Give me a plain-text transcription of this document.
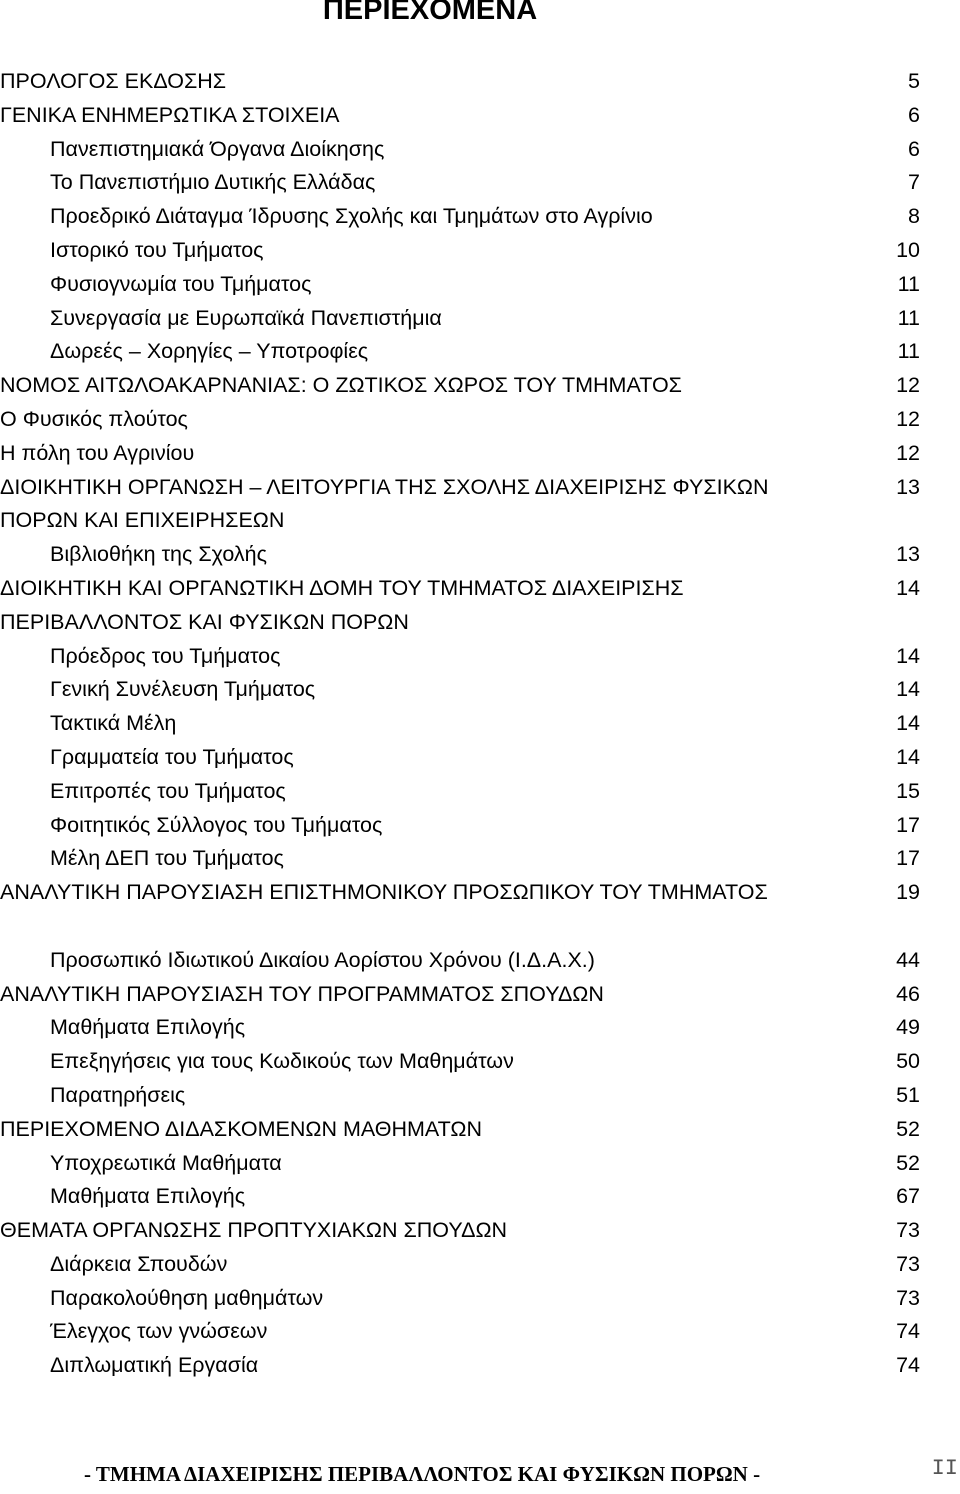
ΠΕΡΙΕΧΟΜΕΝΑ
ΠΡΟΛΟΓΟΣ ΕΚΔΟΣΗΣ	5
ΓΕΝΙΚΑ ΕΝΗΜΕΡΩΤΙΚΑ ΣΤΟΙΧΕΙΑ	6
Πανεπιστημιακά Όργανα Διοίκησης	6
Το Πανεπιστήμιο Δυτικής Ελλάδας	7
Προεδρικό Διάταγμα Ίδρυσης Σχολής και Τμημάτων στο Αγρίνιο	8
Ιστορικό του Τμήματος	10
Φυσιογνωμία του Τμήματος	11
Συνεργασία με Ευρωπαϊκά Πανεπιστήμια	11
Δωρεές – Χορηγίες – Υποτροφίες	11
ΝΟΜΟΣ ΑΙΤΩΛΟΑΚΑΡΝΑΝΙΑΣ: Ο ΖΩΤΙΚΟΣ ΧΩΡΟΣ ΤΟΥ ΤΜΗΜΑΤΟΣ	12
Ο Φυσικός πλούτος	12
Η πόλη του Αγρινίου	12
ΔΙΟΙΚΗΤΙΚΗ ΟΡΓΑΝΩΣΗ – ΛΕΙΤΟΥΡΓΙΑ ΤΗΣ ΣΧΟΛΗΣ ΔΙΑΧΕΙΡΙΣΗΣ ΦΥΣΙΚΩΝ ΠΟΡΩΝ ΚΑΙ ΕΠΙΧΕΙΡΗΣΕΩΝ
13
Βιβλιοθήκη της Σχολής	13
ΔΙΟΙΚΗΤΙΚΗ ΚΑΙ ΟΡΓΑΝΩΤΙΚΗ ΔΟΜΗ ΤΟΥ ΤΜΗΜΑΤΟΣ ΔΙΑΧΕΙΡΙΣΗΣ ΠΕΡΙΒΑΛΛΟΝΤΟΣ ΚΑΙ ΦΥΣΙΚΩΝ ΠΟΡΩΝ
14
Πρόεδρος του Τμήματος	14
Γενική Συνέλευση Τμήματος	14
Τακτικά Μέλη	14
Γραμματεία του Τμήματος	14
Επιτροπές του Τμήματος	15
Φοιτητικός Σύλλογος του Τμήματος	17
Μέλη ΔΕΠ του Τμήματος	17
ΑΝΑΛΥΤΙΚΗ ΠΑΡΟΥΣΙΑΣΗ ΕΠΙΣΤΗΜΟΝΙΚΟΥ ΠΡΟΣΩΠΙΚΟΥ ΤΟΥ ΤΜΗΜΑΤΟΣ	19
Προσωπικό Ιδιωτικού Δικαίου Αορίστου Χρόνου (Ι.Δ.Α.Χ.)	44
ΑΝΑΛΥΤΙΚΗ ΠΑΡΟΥΣΙΑΣΗ ΤΟΥ ΠΡΟΓΡΑΜΜΑΤΟΣ ΣΠΟΥΔΩΝ	46
Μαθήματα Επιλογής	49
Επεξηγήσεις για τους Κωδικούς των Μαθημάτων	50
Παρατηρήσεις	51
ΠΕΡΙΕΧΟΜΕΝΟ ΔΙΔΑΣΚΟΜΕΝΩΝ ΜΑΘΗΜΑΤΩΝ	52
Υποχρεωτικά Μαθήματα	52
Μαθήματα Επιλογής	67
ΘΕΜΑΤΑ ΟΡΓΑΝΩΣΗΣ ΠΡΟΠΤΥΧΙΑΚΩΝ ΣΠΟΥΔΩΝ	73
Διάρκεια Σπουδών	73
Παρακολούθηση μαθημάτων	73
Έλεγχος των γνώσεων	74
Διπλωματική Εργασία	74
- ΤΜΗΜΑ ΔΙΑΧΕΙΡΙΣΗΣ ΠΕΡΙΒΑΛΛΟΝΤΟΣ ΚΑΙ ΦΥΣΙΚΩΝ ΠΟΡΩΝ -	II
